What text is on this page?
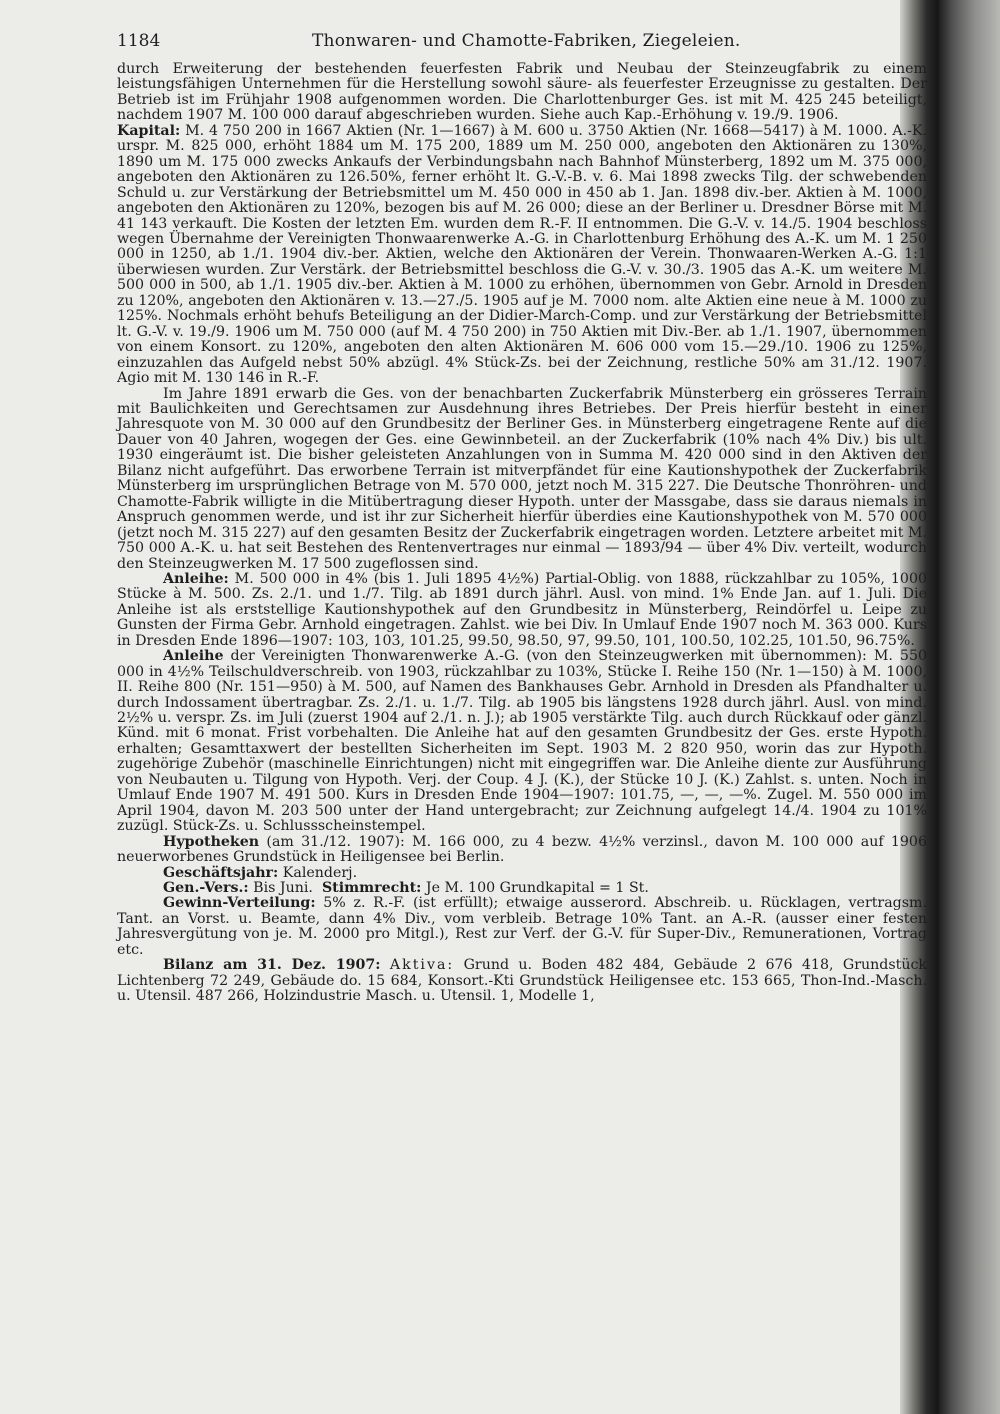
1184	Thonwaren- und Chamotte-Fabriken, Ziegeleien.

durch Erweiterung der bestehenden feuerfesten Fabrik und Neubau der Steinzeugfabrik zu einem leistungsfähigen Unternehmen für die Herstellung sowohl säure- als feuerfester Erzeugnisse zu gestalten. Der Betrieb ist im Frühjahr 1908 aufgenommen worden. Die Charlottenburger Ges. ist mit M. 425 245 beteiligt, nachdem 1907 M. 100 000 darauf abgeschrieben wurden. Siehe auch Kap.-Erhöhung v. 19./9. 1906.

Kapital: M. 4 750 200 in 1667 Aktien (Nr. 1—1667) à M. 600 u. 3750 Aktien (Nr. 1668—5417) à M. 1000. A.-K. urspr. M. 825 000, erhöht 1884 um M. 175 200, 1889 um M. 250 000, angeboten den Aktionären zu 130%, 1890 um M. 175 000 zwecks Ankaufs der Verbindungsbahn nach Bahnhof Münsterberg, 1892 um M. 375 000, angeboten den Aktionären zu 126.50%, ferner erhöht lt. G.-V.-B. v. 6. Mai 1898 zwecks Tilg. der schwebenden Schuld u. zur Verstärkung der Betriebsmittel um M. 450 000 in 450 ab 1. Jan. 1898 div.-ber. Aktien à M. 1000, angeboten den Aktionären zu 120%, bezogen bis auf M. 26 000; diese an der Berliner u. Dresdner Börse mit M. 41 143 verkauft. Die Kosten der letzten Em. wurden dem R.-F. II entnommen. Die G.-V. v. 14./5. 1904 beschloss wegen Übernahme der Vereinigten Thonwaarenwerke A.-G. in Charlottenburg Erhöhung des A.-K. um M. 1 250 000 in 1250, ab 1./1. 1904 div.-ber. Aktien, welche den Aktionären der Verein. Thonwaaren-Werken A.-G. 1:1 überwiesen wurden. Zur Verstärk. der Betriebsmittel beschloss die G.-V. v. 30./3. 1905 das A.-K. um weitere M. 500 000 in 500, ab 1./1. 1905 div.-ber. Aktien à M. 1000 zu erhöhen, übernommen von Gebr. Arnold in Dresden zu 120%, angeboten den Aktionären v. 13.—27./5. 1905 auf je M. 7000 nom. alte Aktien eine neue à M. 1000 zu 125%. Nochmals erhöht behufs Beteiligung an der Didier-March-Comp. und zur Verstärkung der Betriebsmittel lt. G.-V. v. 19./9. 1906 um M. 750 000 (auf M. 4 750 200) in 750 Aktien mit Div.-Ber. ab 1./1. 1907, übernommen von einem Konsort. zu 120%, angeboten den alten Aktionären M. 606 000 vom 15.—29./10. 1906 zu 125%, einzuzahlen das Aufgeld nebst 50% abzügl. 4% Stück-Zs. bei der Zeichnung, restliche 50% am 31./12. 1907. Agio mit M. 130 146 in R.-F.

Im Jahre 1891 erwarb die Ges. von der benachbarten Zuckerfabrik Münsterberg ein grösseres Terrain mit Baulichkeiten und Gerechtsamen zur Ausdehnung ihres Betriebes. Der Preis hierfür besteht in einer Jahresquote von M. 30 000 auf den Grundbesitz der Berliner Ges. in Münsterberg eingetragene Rente auf die Dauer von 40 Jahren, wogegen der Ges. eine Gewinnbeteil. an der Zuckerfabrik (10% nach 4% Div.) bis ult. 1930 eingeräumt ist. Die bisher geleisteten Anzahlungen von in Summa M. 420 000 sind in den Aktiven der Bilanz nicht aufgeführt. Das erworbene Terrain ist mitverpfändet für eine Kautionshypothek der Zuckerfabrik Münsterberg im ursprünglichen Betrage von M. 570 000, jetzt noch M. 315 227. Die Deutsche Thonröhren- und Chamotte-Fabrik willigte in die Mitübertragung dieser Hypoth. unter der Massgabe, dass sie daraus niemals in Anspruch genommen werde, und ist ihr zur Sicherheit hierfür überdies eine Kautionshypothek von M. 570 000 (jetzt noch M. 315 227) auf den gesamten Besitz der Zuckerfabrik eingetragen worden. Letztere arbeitet mit M. 750 000 A.-K. u. hat seit Bestehen des Rentenvertrages nur einmal — 1893/94 — über 4% Div. verteilt, wodurch den Steinzeugwerken M. 17 500 zugeflossen sind.

Anleihe: M. 500 000 in 4% (bis 1. Juli 1895 4½%) Partial-Oblig. von 1888, rückzahlbar zu 105%, 1000 Stücke à M. 500. Zs. 2./1. und 1./7. Tilg. ab 1891 durch jährl. Ausl. von mind. 1% Ende Jan. auf 1. Juli. Die Anleihe ist als erststellige Kautionshypothek auf den Grundbesitz in Münsterberg, Reindörfel u. Leipe zu Gunsten der Firma Gebr. Arnhold eingetragen. Zahlst. wie bei Div. In Umlauf Ende 1907 noch M. 363 000. Kurs in Dresden Ende 1896—1907: 103, 103, 101.25, 99.50, 98.50, 97, 99.50, 101, 100.50, 102.25, 101.50, 96.75%.

Anleihe der Vereinigten Thonwarenwerke A.-G. (von den Steinzeugwerken mit übernommen): M. 550 000 in 4½% Teilschuldverschreib. von 1903, rückzahlbar zu 103%, Stücke I. Reihe 150 (Nr. 1—150) à M. 1000, II. Reihe 800 (Nr. 151—950) à M. 500, auf Namen des Bankhauses Gebr. Arnhold in Dresden als Pfandhalter u. durch Indossament übertragbar. Zs. 2./1. u. 1./7. Tilg. ab 1905 bis längstens 1928 durch jährl. Ausl. von mind. 2½% u. verspr. Zs. im Juli (zuerst 1904 auf 2./1. n. J.); ab 1905 verstärkte Tilg. auch durch Rückkauf oder gänzl. Künd. mit 6 monat. Frist vorbehalten. Die Anleihe hat auf den gesamten Grundbesitz der Ges. erste Hypoth. erhalten; Gesamttaxwert der bestellten Sicherheiten im Sept. 1903 M. 2 820 950, worin das zur Hypoth. zugehörige Zubehör (maschinelle Einrichtungen) nicht mit eingegriffen war. Die Anleihe diente zur Ausführung von Neubauten u. Tilgung von Hypoth. Verj. der Coup. 4 J. (K.), der Stücke 10 J. (K.) Zahlst. s. unten. Noch in Umlauf Ende 1907 M. 491 500. Kurs in Dresden Ende 1904—1907: 101.75, —, —, —%. Zugel. M. 550 000 im April 1904, davon M. 203 500 unter der Hand untergebracht; zur Zeichnung aufgelegt 14./4. 1904 zu 101% zuzügl. Stück-Zs. u. Schlussscheinstempel.

Hypotheken (am 31./12. 1907): M. 166 000, zu 4 bezw. 4½% verzinsl., davon M. 100 000 auf 1906 neuerworbenes Grundstück in Heiligensee bei Berlin.

Geschäftsjahr: Kalenderj.

Gen.-Vers.: Bis Juni. Stimmrecht: Je M. 100 Grundkapital = 1 St.

Gewinn-Verteilung: 5% z. R.-F. (ist erfüllt); etwaige ausserord. Abschreib. u. Rücklagen, vertragsm. Tant. an Vorst. u. Beamte, dann 4% Div., vom verbleib. Betrage 10% Tant. an A.-R. (ausser einer festen Jahresvergütung von je. M. 2000 pro Mitgl.), Rest zur Verf. der G.-V. für Super-Div., Remunerationen, Vortrag etc.

Bilanz am 31. Dez. 1907: Aktiva: Grund u. Boden 482 484, Gebäude 2 676 418, Grundstück Lichtenberg 72 249, Gebäude do. 15 684, Konsort.-Kti Grundstück Heiligensee etc. 153 665, Thon-Ind.-Masch. u. Utensil. 487 266, Holzindustrie Masch. u. Utensil. 1, Modelle 1,
